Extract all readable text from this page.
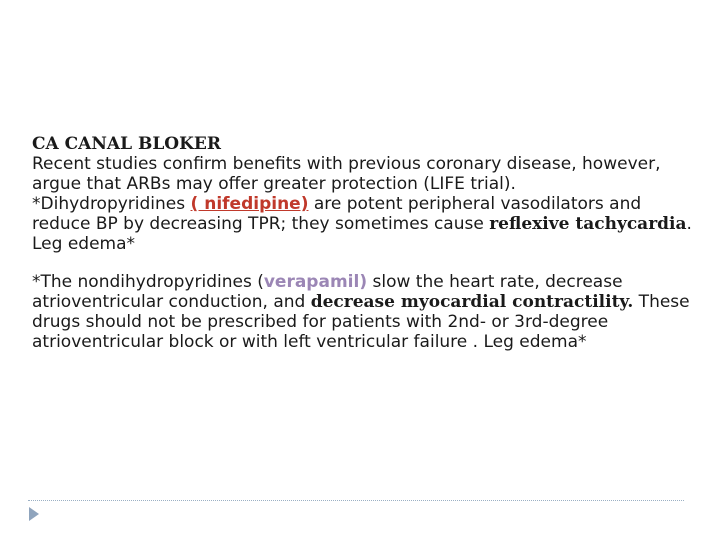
CA CANAL BLOKER

Recent studies confirm benefits with previous coronary disease, however, argue that ARBs may offer greater protection (LIFE trial).

*Dihydropyridines ( nifedipine) are potent peripheral vasodilators and reduce BP by decreasing TPR; they sometimes cause reflexive tachycardia. Leg edema*

*The nondihydropyridines (verapamil) slow the heart rate, decrease atrioventricular conduction, and decrease myocardial contractility. These drugs should not be prescribed for patients with 2nd- or 3rd-degree atrioventricular block or with left ventricular failure . Leg edema*
